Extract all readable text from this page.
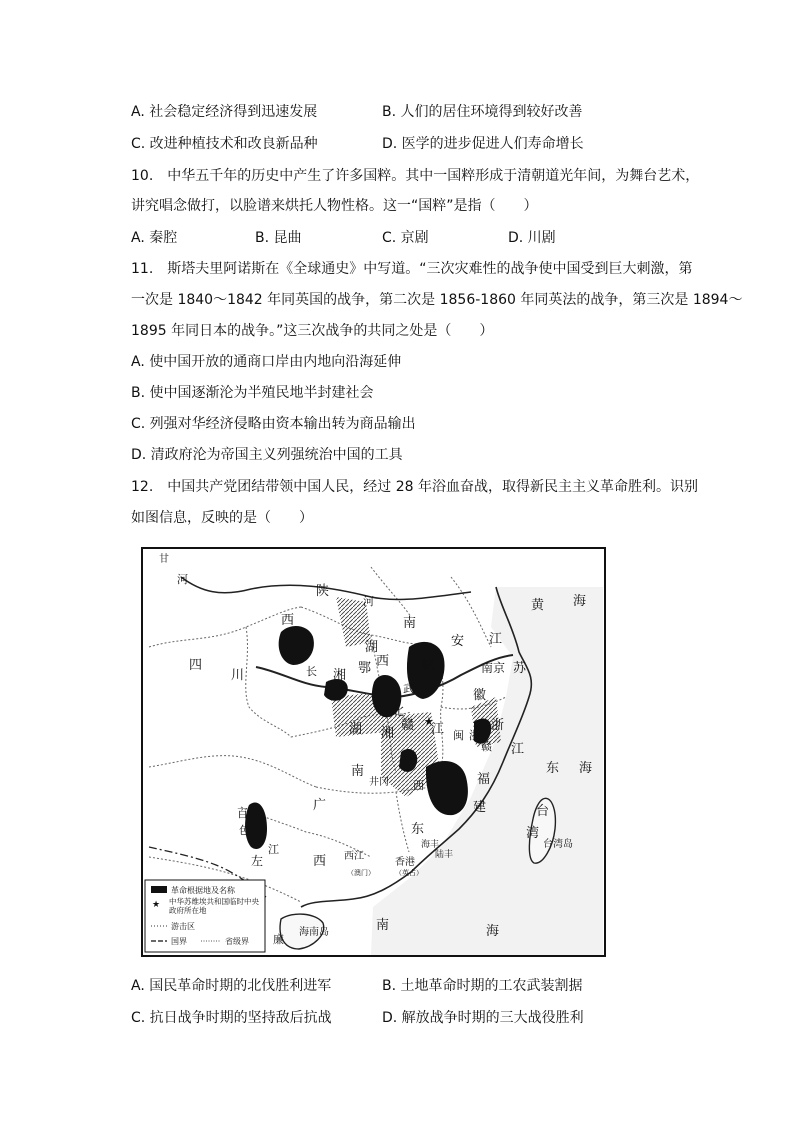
A. 社会稳定经济得到迅速发展	B. 人们的居住环境得到较好改善
C. 改进种植技术和改良新品种	D. 医学的进步促进人们寿命增长
10.　中华五千年的历史中产生了许多国粹。其中一国粹形成于清朝道光年间，为舞台艺术，
讲究唱念做打，以脸谱来烘托人物性格。这一“国粹”是指（　　）
A. 秦腔	B. 昆曲	C. 京剧	D. 川剧
11.　斯塔夫里阿诺斯在《全球通史》中写道。“三次灾难性的战争使中国受到巨大刺激，第
一次是 1840～1842 年同英国的战争，第二次是 1856-1860 年同英法的战争，第三次是 1894～
1895 年同日本的战争。”这三次战争的共同之处是（　　）
A. 使中国开放的通商口岸由内地向沿海延伸
B. 使中国逐渐沦为半殖民地半封建社会
C. 列强对华经济侵略由资本输出转为商品输出
D. 清政府沦为帝国主义列强统治中国的工具
12.　中国共产党团结带领中国人民，经过 28 年浴血奋战，取得新民主主义革命胜利。识别
如图信息，反映的是（　　）
甘
河
陕
西
河
南
江
黄 海
四
川	长 湘 鄂 西
安
皖	南京 苏
湖
北
武	徽
湖 湘
赣 江	浙
江
闽 浙
赣
南
井冈 西	福
建
东 海
台
湾
台湾岛
广
百
色
左
江
西 西江
东
海丰
陆丰
香港
（澳门）	（英占）
南	海
海南岛
廉
★
革命根据地及名称
★ 中华苏维埃共和国临时中央政府所在地
游击区
国界	省级界
A. 国民革命时期的北伐胜利进军	B. 土地革命时期的工农武装割据
C. 抗日战争时期的坚持敌后抗战	D. 解放战争时期的三大战役胜利
